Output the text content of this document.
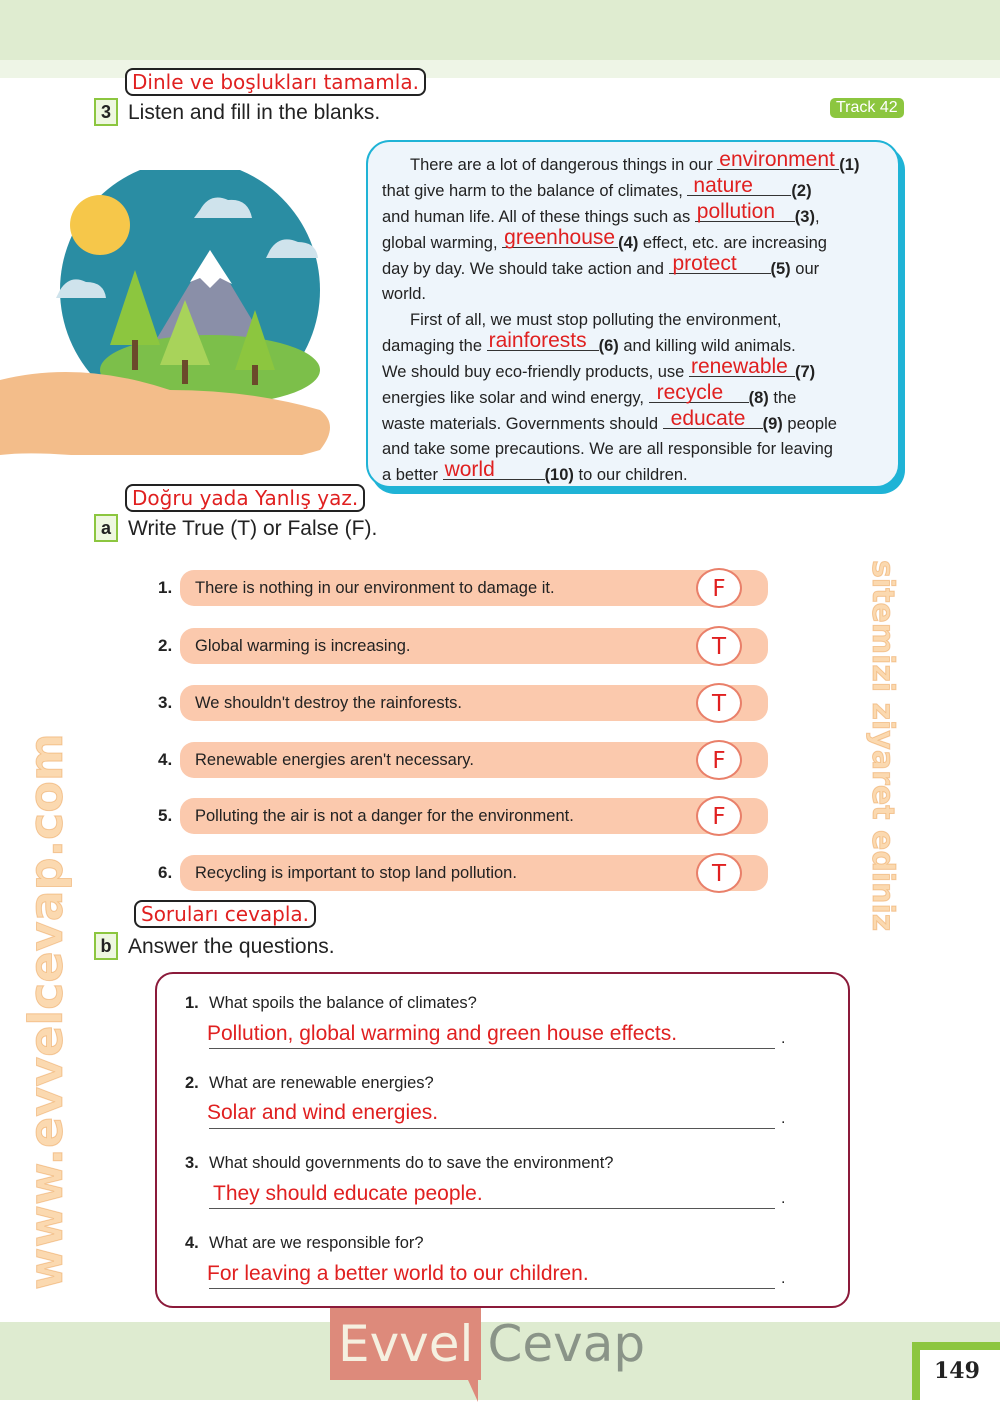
Dinle ve boşlukları tamamla.
3 Listen and fill in the blanks.	Track 42
There are a lot of dangerous things in our environment (1)
that give harm to the balance of climates, nature (2)
and human life. All of these things such as pollution (3),
global warming, greenhouse (4) effect, etc. are increasing
day by day. We should take action and protect (5) our
world.
First of all, we must stop polluting the environment,
damaging the rainforests (6) and killing wild animals.
We should buy eco-friendly products, use renewable (7)
energies like solar and wind energy, recycle (8) the
waste materials. Governments should educate (9) people
and take some precautions. We are all responsible for leaving
a better world	(10) to our children.
Doğru yada Yanlış yaz.
a Write True (T) or False (F).
1.	There is nothing in our environment to damage it.	F
2.	Global warming is increasing.	T
3.	We shouldn't destroy the rainforests.	T
4.	Renewable energies aren't necessary.	F
5.	Polluting the air is not a danger for the environment.	F
6.	Recycling is important to stop land pollution.	T
Soruları cevapla.
b Answer the questions.
1. What spoils the balance of climates?
Pollution, global warming and green house effects.	.
2. What are renewable energies?
Solar and wind energies.	.
3. What should governments do to save the environment?
They should educate people.	.
4. What are we responsible for?
For leaving a better world to our children.	.
www.evvelcevap.com	sitemizi ziyaret ediniz
Evvel Cevap	149
